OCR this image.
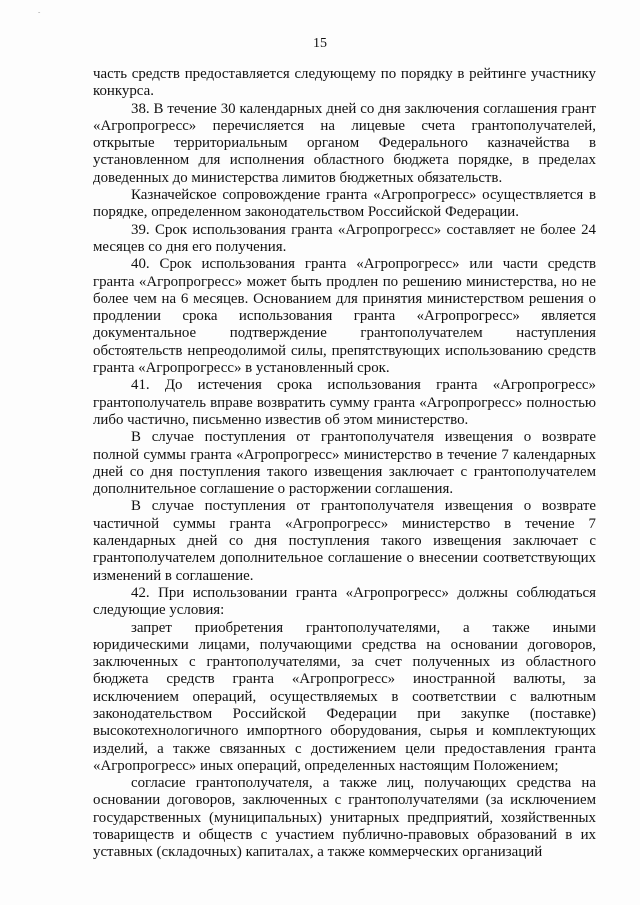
-
15

часть средств предоставляется следующему по порядку в рейтинге участнику конкурса.

38. В течение 30 календарных дней со дня заключения соглашения грант «Агропрогресс» перечисляется на лицевые счета грантополучателей, открытые территориальным органом Федерального казначейства в установленном для исполнения областного бюджета порядке, в пределах доведенных до министерства лимитов бюджетных обязательств.

Казначейское сопровождение гранта «Агропрогресс» осуществляется в порядке, определенном законодательством Российской Федерации.

39. Срок использования гранта «Агропрогресс» составляет не более 24 месяцев со дня его получения.

40. Срок использования гранта «Агропрогресс» или части средств гранта «Агропрогресс» может быть продлен по решению министерства, но не более чем на 6 месяцев. Основанием для принятия министерством решения о продлении срока использования гранта «Агропрогресс» является документальное подтверждение грантополучателем наступления обстоятельств непреодолимой силы, препятствующих использованию средств гранта «Агропрогресс» в установленный срок.

41. До истечения срока использования гранта «Агропрогресс» грантополучатель вправе возвратить сумму гранта «Агропрогресс» полностью либо частично, письменно известив об этом министерство.

В случае поступления от грантополучателя извещения о возврате полной суммы гранта «Агропрогресс» министерство в течение 7 календарных дней со дня поступления такого извещения заключает с грантополучателем дополнительное соглашение о расторжении соглашения.

В случае поступления от грантополучателя извещения о возврате частичной суммы гранта «Агропрогресс» министерство в течение 7 календарных дней со дня поступления такого извещения заключает с грантополучателем дополнительное соглашение о внесении соответствующих изменений в соглашение.

42. При использовании гранта «Агропрогресс» должны соблюдаться следующие условия:

запрет приобретения грантополучателями, а также иными юридическими лицами, получающими средства на основании договоров, заключенных с грантополучателями, за счет полученных из областного бюджета средств гранта «Агропрогресс» иностранной валюты, за исключением операций, осуществляемых в соответствии с валютным законодательством Российской Федерации при закупке (поставке) высокотехнологичного импортного оборудования, сырья и комплектующих изделий, а также связанных с достижением цели предоставления гранта «Агропрогресс» иных операций, определенных настоящим Положением;

согласие грантополучателя, а также лиц, получающих средства на основании договоров, заключенных с грантополучателями (за исключением государственных (муниципальных) унитарных предприятий, хозяйственных товариществ и обществ с участием публично-правовых образований в их уставных (складочных) капиталах, а также коммерческих организаций
